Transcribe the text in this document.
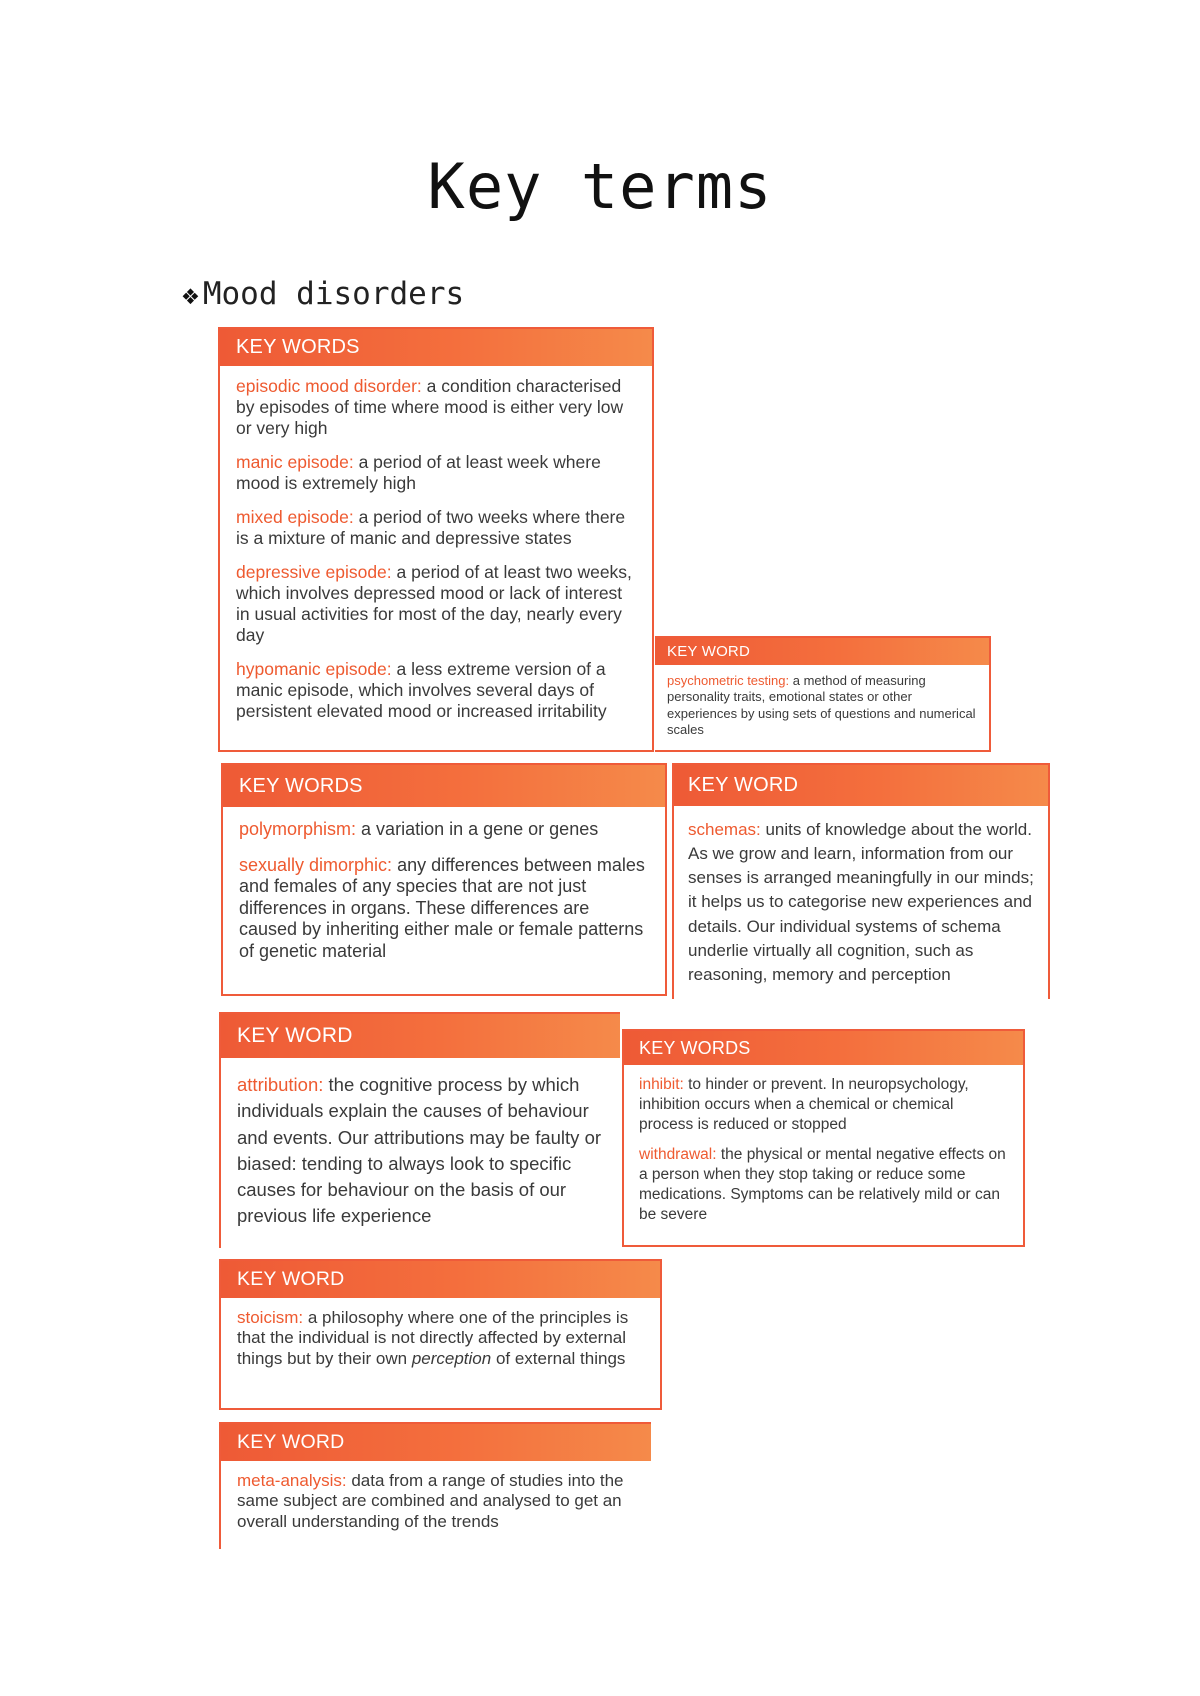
Key terms
❖ Mood disorders
KEY WORDS

episodic mood disorder: a condition characterised by episodes of time where mood is either very low or very high

manic episode: a period of at least week where mood is extremely high

mixed episode: a period of two weeks where there is a mixture of manic and depressive states

depressive episode: a period of at least two weeks, which involves depressed mood or lack of interest in usual activities for most of the day, nearly every day

hypomanic episode: a less extreme version of a manic episode, which involves several days of persistent elevated mood or increased irritability

KEY WORD

psychometric testing: a method of measuring personality traits, emotional states or other experiences by using sets of questions and numerical scales

KEY WORDS

polymorphism: a variation in a gene or genes

sexually dimorphic: any differences between males and females of any species that are not just differences in organs. These differences are caused by inheriting either male or female patterns of genetic material

KEY WORD

schemas: units of knowledge about the world. As we grow and learn, information from our senses is arranged meaningfully in our minds; it helps us to categorise new experiences and details. Our individual systems of schema underlie virtually all cognition, such as reasoning, memory and perception

KEY WORD

attribution: the cognitive process by which individuals explain the causes of behaviour and events. Our attributions may be faulty or biased: tending to always look to specific causes for behaviour on the basis of our previous life experience

KEY WORDS

inhibit: to hinder or prevent. In neuropsychology, inhibition occurs when a chemical or chemical process is reduced or stopped

withdrawal: the physical or mental negative effects on a person when they stop taking or reduce some medications. Symptoms can be relatively mild or can be severe

KEY WORD

stoicism: a philosophy where one of the principles is that the individual is not directly affected by external things but by their own perception of external things

KEY WORD

meta-analysis: data from a range of studies into the same subject are combined and analysed to get an overall understanding of the trends
